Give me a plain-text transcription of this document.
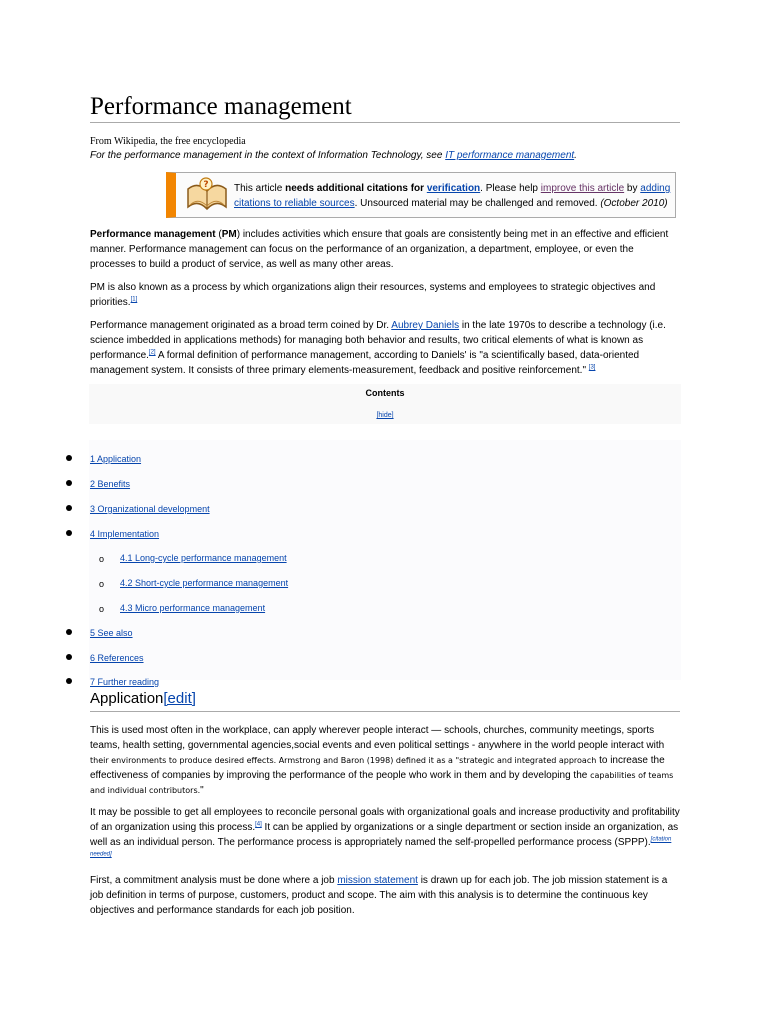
Performance management
From Wikipedia, the free encyclopedia
For the performance management in the context of Information Technology, see IT performance management.
?	This article needs additional citations for verification. Please help improve this article by adding citations to reliable sources. Unsourced material may be challenged and removed. (October 2010)

Performance management (PM) includes activities which ensure that goals are consistently being met in an effective and efficient manner. Performance management can focus on the performance of an organization, a department, employee, or even the processes to build a product of service, as well as many other areas.

PM is also known as a process by which organizations align their resources, systems and employees to strategic objectives and priorities.[1]

Performance management originated as a broad term coined by Dr. Aubrey Daniels in the late 1970s to describe a technology (i.e. science imbedded in applications methods) for managing both behavior and results, two critical elements of what is known as performance.[2] A formal definition of performance management, according to Daniels' is "a scientifically based, data-oriented management system. It consists of three primary elements-measurement, feedback and positive reinforcement." [3]

Contents
[hide]
1 Application
2 Benefits
3 Organizational development
4 Implementation
o 4.1 Long-cycle performance management
o 4.2 Short-cycle performance management
o 4.3 Micro performance management
5 See also
6 References
7 Further reading
Application[edit]

This is used most often in the workplace, can apply wherever people interact — schools, churches, community meetings, sports teams, health setting, governmental agencies,social events and even political settings - anywhere in the world people interact with their environments to produce desired effects. Armstrong and Baron (1998) defined it as a "strategic and integrated approach to increase the effectiveness of companies by improving the performance of the people who work in them and by developing the capabilities of teams and individual contributors."

It may be possible to get all employees to reconcile personal goals with organizational goals and increase productivity and profitability of an organization using this process.[4] It can be applied by organizations or a single department or section inside an organization, as well as an individual person. The performance process is appropriately named the self-propelled performance process (SPPP).[citation needed]

First, a commitment analysis must be done where a job mission statement is drawn up for each job. The job mission statement is a job definition in terms of purpose, customers, product and scope. The aim with this analysis is to determine the continuous key objectives and performance standards for each job position.
